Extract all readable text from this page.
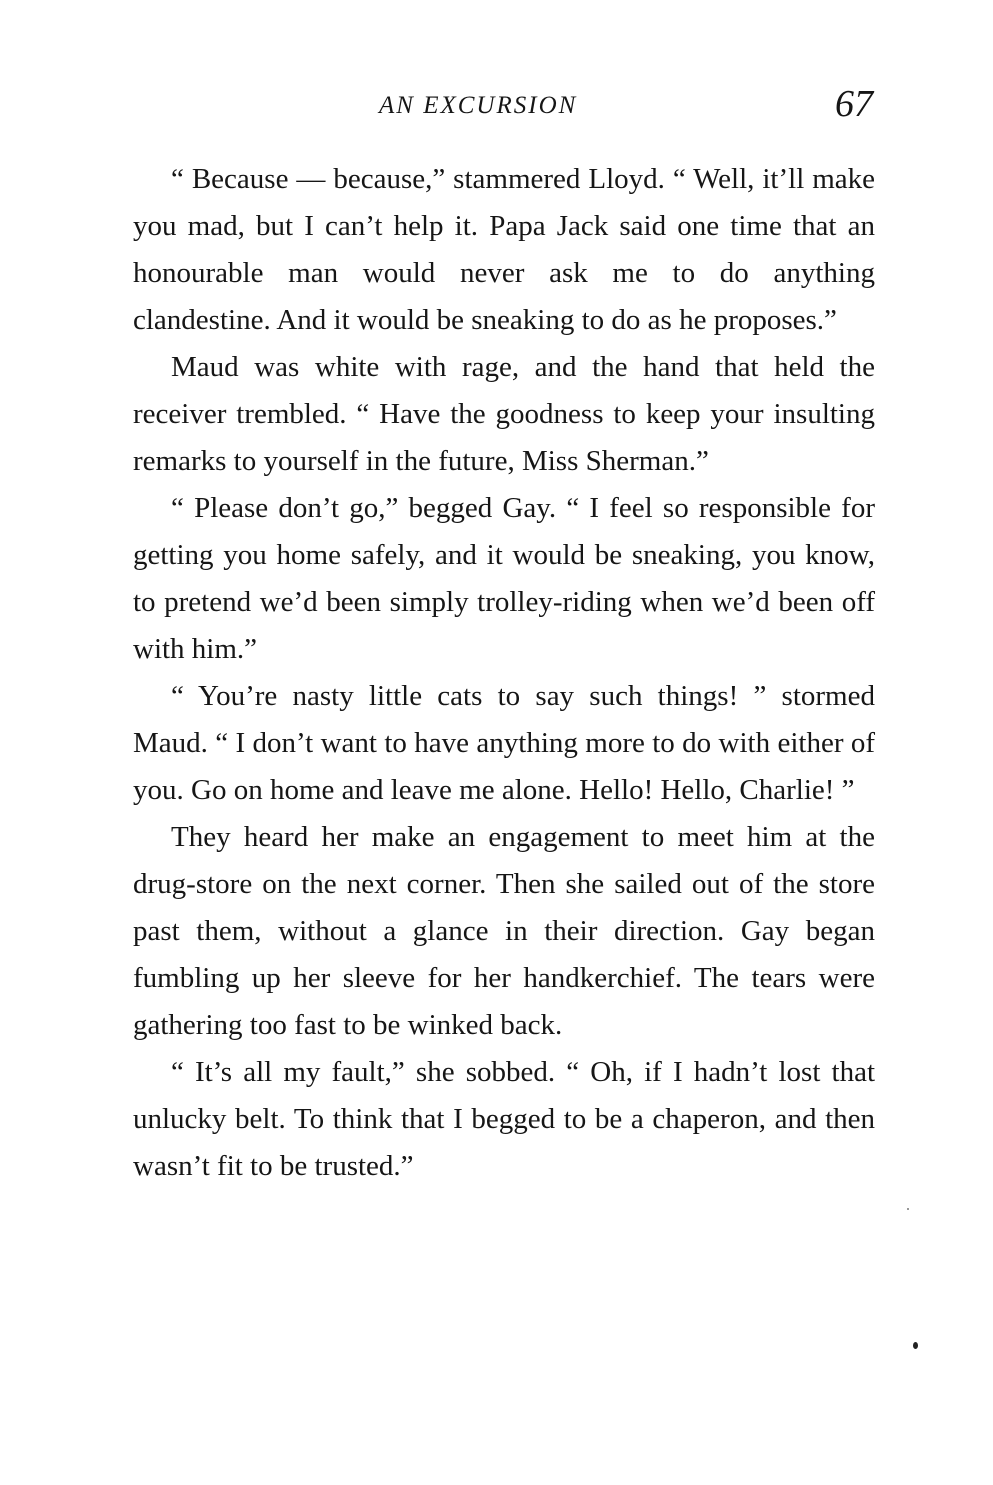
AN EXCURSION	67

“ Because — because,” stammered Lloyd. “ Well, it’ll make you mad, but I can’t help it. Papa Jack said one time that an honourable man would never ask me to do anything clandestine. And it would be sneaking to do as he proposes.”

Maud was white with rage, and the hand that held the receiver trembled. “ Have the goodness to keep your insulting remarks to yourself in the future, Miss Sherman.”

“ Please don’t go,” begged Gay. “ I feel so responsible for getting you home safely, and it would be sneaking, you know, to pretend we’d been simply trolley-riding when we’d been off with him.”

“ You’re nasty little cats to say such things! ” stormed Maud. “ I don’t want to have anything more to do with either of you. Go on home and leave me alone. Hello! Hello, Charlie! ”

They heard her make an engagement to meet him at the drug-store on the next corner. Then she sailed out of the store past them, without a glance in their direction. Gay began fumbling up her sleeve for her handkerchief. The tears were gathering too fast to be winked back.

“ It’s all my fault,” she sobbed. “ Oh, if I hadn’t lost that unlucky belt. To think that I begged to be a chaperon, and then wasn’t fit to be trusted.”
